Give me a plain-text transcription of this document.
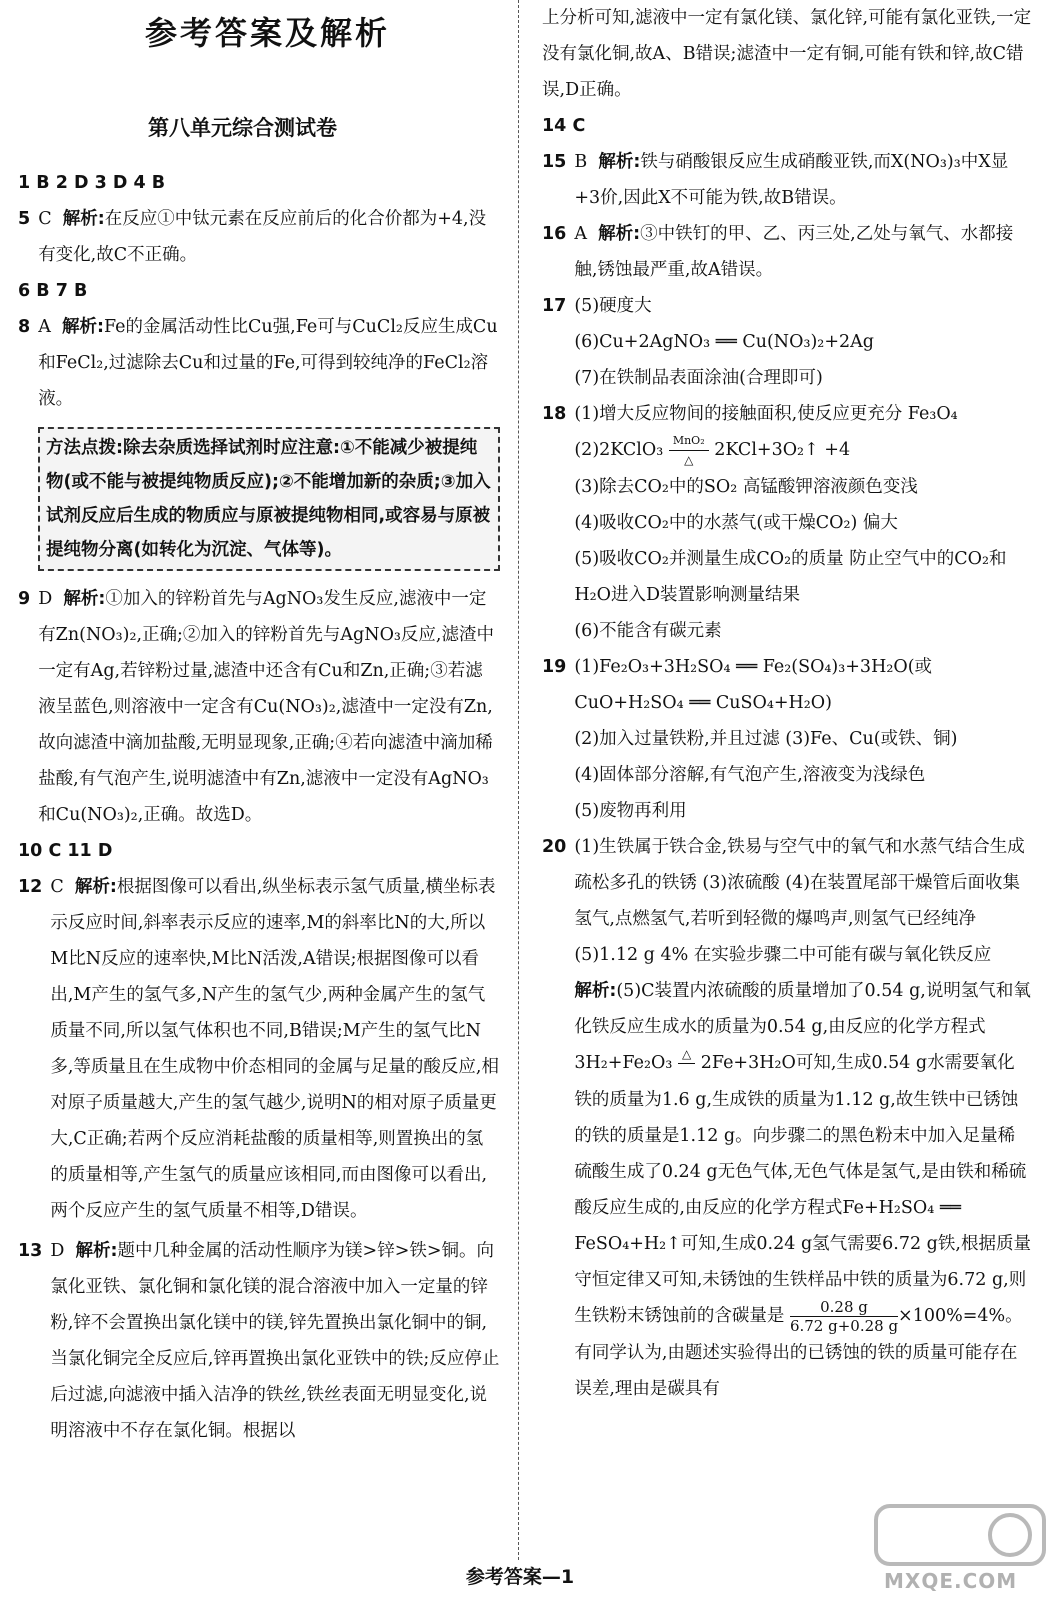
参考答案及解析
第八单元综合测试卷
1 B 2 D 3 D 4 B
5 C 解析:在反应①中钛元素在反应前后的化合价都为+4,没有变化,故C不正确。
6 B 7 B
8 A 解析:Fe的金属活动性比Cu强,Fe可与CuCl₂反应生成Cu和FeCl₂,过滤除去Cu和过量的Fe,可得到较纯净的FeCl₂溶液。
方法点拨:除去杂质选择试剂时应注意:①不能减少被提纯物(或不能与被提纯物质反应);②不能增加新的杂质;③加入试剂反应后生成的物质应与原被提纯物相同,或容易与原被提纯物分离(如转化为沉淀、气体等)。
9 D 解析:①加入的锌粉首先与AgNO₃发生反应,滤液中一定有Zn(NO₃)₂,正确;②加入的锌粉首先与AgNO₃反应,滤渣中一定有Ag,若锌粉过量,滤渣中还含有Cu和Zn,正确;③若滤液呈蓝色,则溶液中一定含有Cu(NO₃)₂,滤渣中一定没有Zn,故向滤渣中滴加盐酸,无明显现象,正确;④若向滤渣中滴加稀盐酸,有气泡产生,说明滤渣中有Zn,滤液中一定没有AgNO₃和Cu(NO₃)₂,正确。故选D。
10 C 11 D
12 C 解析:根据图像可以看出,纵坐标表示氢气质量,横坐标表示反应时间,斜率表示反应的速率,M的斜率比N的大,所以M比N反应的速率快,M比N活泼,A错误;根据图像可以看出,M产生的氢气多,N产生的氢气少,两种金属产生的氢气质量不同,所以氢气体积也不同,B错误;M产生的氢气比N多,等质量且在生成物中价态相同的金属与足量的酸反应,相对原子质量越大,产生的氢气越少,说明N的相对原子质量更大,C正确;若两个反应消耗盐酸的质量相等,则置换出的氢的质量相等,产生氢气的质量应该相同,而由图像可以看出,两个反应产生的氢气质量不相等,D错误。
13 D 解析:题中几种金属的活动性顺序为镁>锌>铁>铜。向氯化亚铁、氯化铜和氯化镁的混合溶液中加入一定量的锌粉,锌不会置换出氯化镁中的镁,锌先置换出氯化铜中的铜,当氯化铜完全反应后,锌再置换出氯化亚铁中的铁;反应停止后过滤,向滤液中插入洁净的铁丝,铁丝表面无明显变化,说明溶液中不存在氯化铜。根据以
上分析可知,滤液中一定有氯化镁、氯化锌,可能有氯化亚铁,一定没有氯化铜,故A、B错误;滤渣中一定有铜,可能有铁和锌,故C错误,D正确。
14 C
15 B 解析:铁与硝酸银反应生成硝酸亚铁,而X(NO₃)₃中X显+3价,因此X不可能为铁,故B错误。
16 A 解析:③中铁钉的甲、乙、丙三处,乙处与氧气、水都接触,锈蚀最严重,故A错误。
17 (5)硬度大
(6)Cu+2AgNO₃ ══ Cu(NO₃)₂+2Ag
(7)在铁制品表面涂油(合理即可)
18 (1)增大反应物间的接触面积,使反应更充分 Fe₃O₄
(2)2KClO₃ $\frac{\text{MnO₂}}{\triangle}$ 2KCl+3O₂↑ +4
(3)除去CO₂中的SO₂ 高锰酸钾溶液颜色变浅
(4)吸收CO₂中的水蒸气(或干燥CO₂) 偏大
(5)吸收CO₂并测量生成CO₂的质量 防止空气中的CO₂和H₂O进入D装置影响测量结果
(6)不能含有碳元素
19 (1)Fe₂O₃+3H₂SO₄ ══ Fe₂(SO₄)₃+3H₂O(或CuO+H₂SO₄ ══ CuSO₄+H₂O)
(2)加入过量铁粉,并且过滤 (3)Fe、Cu(或铁、铜)
(4)固体部分溶解,有气泡产生,溶液变为浅绿色
(5)废物再利用
20 (1)生铁属于铁合金,铁易与空气中的氧气和水蒸气结合生成疏松多孔的铁锈 (3)浓硫酸 (4)在装置尾部干燥管后面收集氢气,点燃氢气,若听到轻微的爆鸣声,则氢气已经纯净 (5)1.12 g 4% 在实验步骤二中可能有碳与氧化铁反应
解析:(5)C装置内浓硫酸的质量增加了0.54 g,说明氢气和氧化铁反应生成水的质量为0.54 g,由反应的化学方程式3H₂+Fe₂O₃ △
2Fe+3H₂O可知,生成0.54 g水需要氧化铁的质量为1.6 g,生成铁的质量为1.12 g,故生铁中已锈蚀的铁的质量是1.12 g。向步骤二的黑色粉末中加入足量稀硫酸生成了0.24 g无色气体,无色气体是氢气,是由铁和稀硫酸反应生成的,由反应的化学方程式Fe+H₂SO₄ ══ FeSO₄+H₂↑可知,生成0.24 g氢气需要6.72 g铁,根据质量守恒定律又可知,未锈蚀的生铁样品中铁的质量为6.72 g,则生铁粉末锈蚀前的含碳量是 $\frac{0.28 g}{6.72 g+0.28 g} \times 100\%=4\%$。有同学认为,由题述实验得出的已锈蚀的铁的质量可能存在误差,理由是碳具有
参考答案—1	MXQE.COM
